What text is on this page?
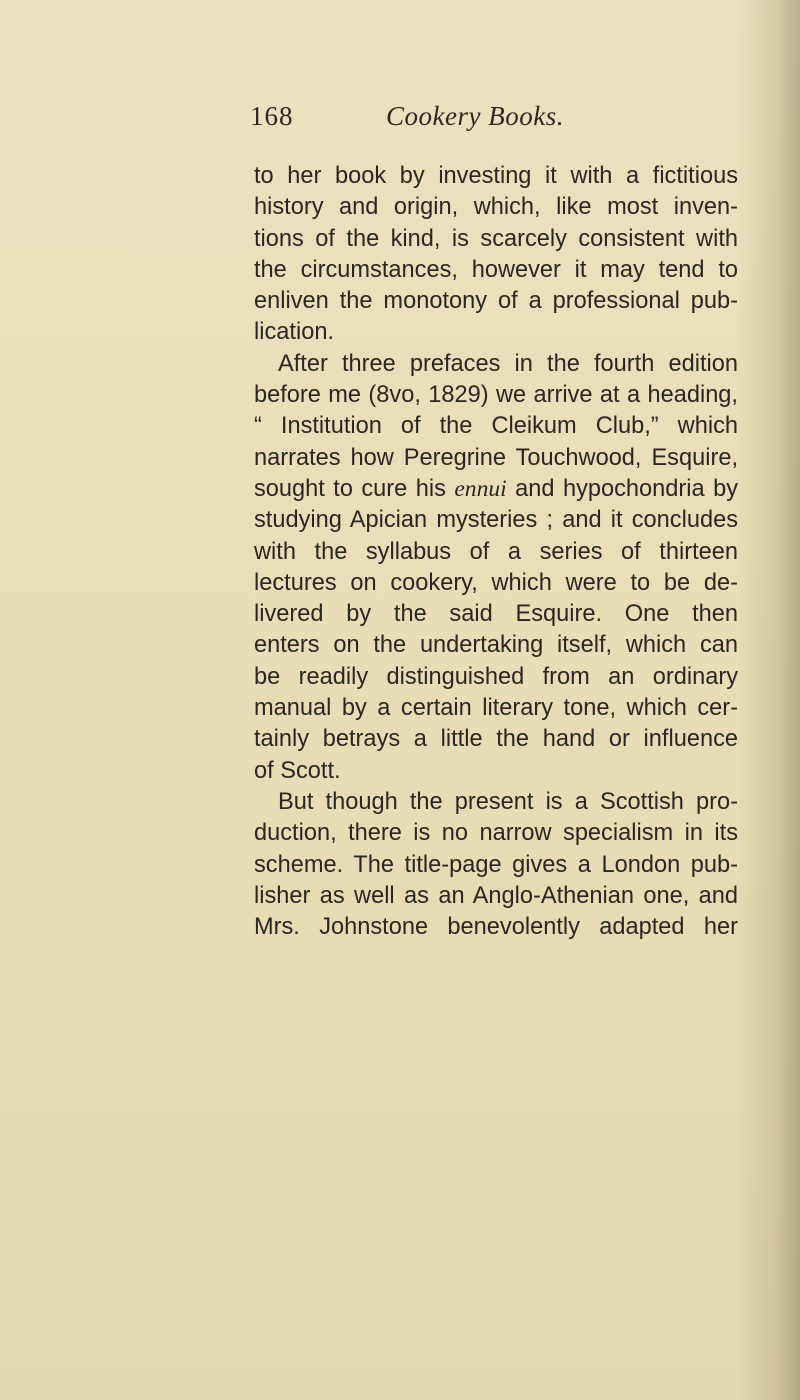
168	Cookery Books.
to her book by investing it with a fictitious
history and origin, which, like most inven-
tions of the kind, is scarcely consistent with
the circumstances, however it may tend to
enliven the monotony of a professional pub-
lication.
After three prefaces in the fourth edition
before me (8vo, 1829) we arrive at a heading,
“ Institution of the Cleikum Club,” which
narrates how Peregrine Touchwood, Esquire,
sought to cure his ennui and hypochondria by
studying Apician mysteries ; and it concludes
with the syllabus of a series of thirteen
lectures on cookery, which were to be de-
livered by the said Esquire. One then
enters on the undertaking itself, which can
be readily distinguished from an ordinary
manual by a certain literary tone, which cer-
tainly betrays a little the hand or influence
of Scott.
But though the present is a Scottish pro-
duction, there is no narrow specialism in its
scheme. The title-page gives a London pub-
lisher as well as an Anglo-Athenian one, and
Mrs. Johnstone benevolently adapted her
